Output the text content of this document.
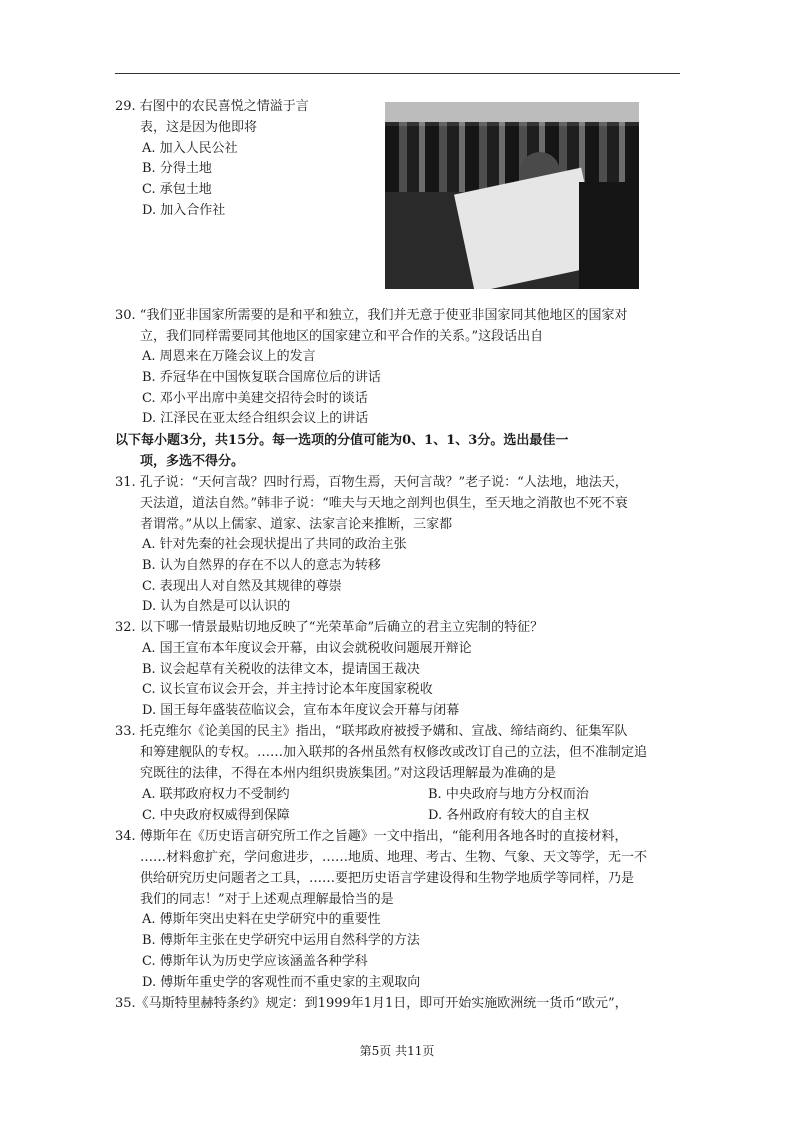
29. 右图中的农民喜悦之情溢于言
表，这是因为他即将
A. 加入人民公社
B. 分得土地
C. 承包土地
D. 加入合作社
30. “我们亚非国家所需要的是和平和独立，我们并无意于使亚非国家同其他地区的国家对
立，我们同样需要同其他地区的国家建立和平合作的关系。”这段话出自
A. 周恩来在万隆会议上的发言
B. 乔冠华在中国恢复联合国席位后的讲话
C. 邓小平出席中美建交招待会时的谈话
D. 江泽民在亚太经合组织会议上的讲话
以下每小题3分，共15分。每一选项的分值可能为0、1、1、3分。选出最佳一
项，多选不得分。
31. 孔子说：“天何言哉？四时行焉，百物生焉，天何言哉？”老子说：“人法地，地法天，
天法道，道法自然。”韩非子说：“唯夫与天地之剖判也俱生，至天地之消散也不死不衰
者谓常。”从以上儒家、道家、法家言论来推断，三家都
A. 针对先秦的社会现状提出了共同的政治主张
B. 认为自然界的存在不以人的意志为转移
C. 表现出人对自然及其规律的尊崇
D. 认为自然是可以认识的
32. 以下哪一情景最贴切地反映了“光荣革命”后确立的君主立宪制的特征？
A. 国王宣布本年度议会开幕，由议会就税收问题展开辩论
B. 议会起草有关税收的法律文本，提请国王裁决
C. 议长宣布议会开会，并主持讨论本年度国家税收
D. 国王每年盛装莅临议会，宣布本年度议会开幕与闭幕
33. 托克维尔《论美国的民主》指出，“联邦政府被授予媾和、宣战、缔结商约、征集军队
和筹建舰队的专权。……加入联邦的各州虽然有权修改或改订自己的立法，但不准制定追
究既往的法律，不得在本州内组织贵族集团。”对这段话理解最为准确的是
A. 联邦政府权力不受制约	B. 中央政府与地方分权而治
C. 中央政府权威得到保障	D. 各州政府有较大的自主权
34. 傅斯年在《历史语言研究所工作之旨趣》一文中指出，“能利用各地各时的直接材料，
……材料愈扩充，学问愈进步，……地质、地理、考古、生物、气象、天文等学，无一不
供给研究历史问题者之工具，……要把历史语言学建设得和生物学地质学等同样，乃是
我们的同志！”对于上述观点理解最恰当的是
A. 傅斯年突出史料在史学研究中的重要性
B. 傅斯年主张在史学研究中运用自然科学的方法
C. 傅斯年认为历史学应该涵盖各种学科
D. 傅斯年重史学的客观性而不重史家的主观取向
35.《马斯特里赫特条约》规定：到1999年1月1日，即可开始实施欧洲统一货币“欧元”，
第5页 共11页
